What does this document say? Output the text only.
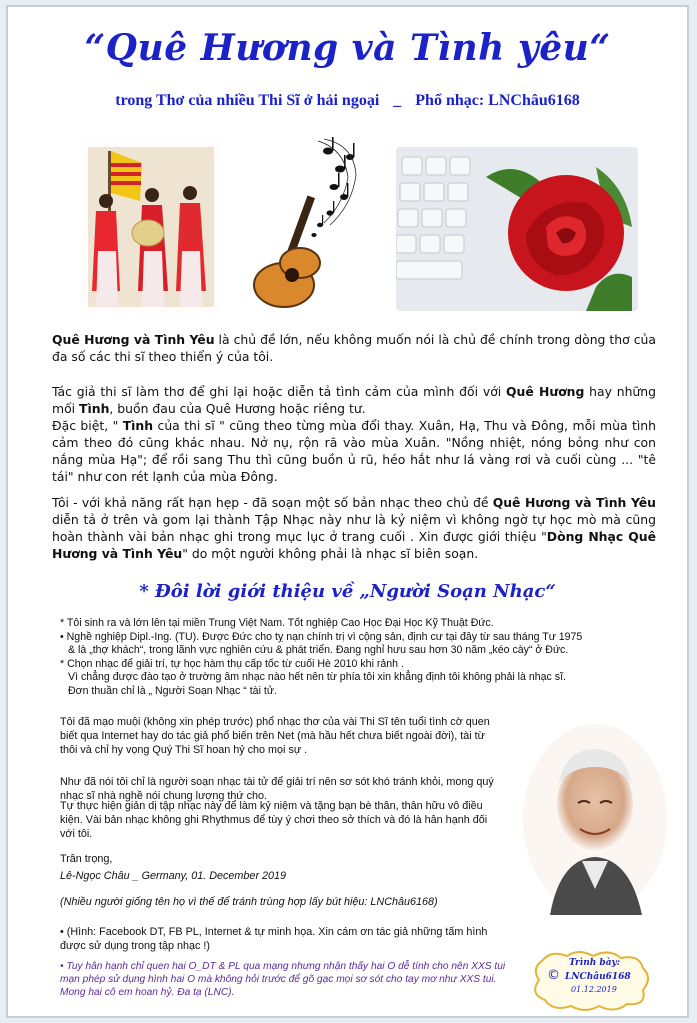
“Quê Hương và Tình yêu“
trong Thơ của nhiều Thi Sĩ ở hải ngoại _ Phổ nhạc: LNChâu6168
Quê Hương và Tình Yêu là chủ đề lớn, nếu không muốn nói là chủ đề chính trong dòng thơ của đa số các thi sĩ theo thiển ý của tôi.
Tác giả thi sĩ làm thơ để ghi lại hoặc diễn tả tình cảm của mình đối với Quê Hương hay những mối Tình, buồn đau của Quê Hương hoặc riêng tư.
Đặc biệt, " Tình của thi sĩ " cũng theo từng mùa đổi thay. Xuân, Hạ, Thu và Đông, mỗi mùa tình cảm theo đó cũng khác nhau. Nở nụ, rộn rã vào mùa Xuân. "Nồng nhiệt, nóng bỏng như con nắng mùa Hạ"; để rồi sang Thu thì cũng buồn ủ rũ, héo hắt như lá vàng rơi và cuối cùng ... "tê tái" như con rét lạnh của mùa Đông.
Tôi - với khả năng rất hạn hẹp - đã soạn một số bản nhạc theo chủ đề Quê Hương và Tình Yêu diễn tả ở trên và gom lại thành Tập Nhạc này như là kỷ niệm vì không ngờ tự học mò mà cũng hoàn thành vài bản nhạc ghi trong mục lục ở trang cuối . Xin được giới thiệu "Dòng Nhạc Quê Hương và Tình Yêu" do một người không phải là nhạc sĩ biên soạn.
* Đôi lời giới thiệu về „Người Soạn Nhạc“
* Tôi sinh ra và lớn lên tại miền Trung Việt Nam. Tốt nghiệp Cao Học Đại Học Kỹ Thuật Đức.
• Nghề nghiệp Dipl.-Ing. (TU). Được Đức cho tỵ nạn chính trị vì cộng sản, định cư tại đây từ sau tháng Tư 1975
& là „thợ khách“, trong lãnh vực nghiên cứu & phát triển. Đang nghỉ hưu sau hơn 30 năm „kéo cày“ ở Đức.
* Chọn nhạc để giải trí, tự học hàm thụ cấp tốc từ cuối Hè 2010 khi rảnh .
Vì chẳng được đào tạo ở trường âm nhạc nào hết nên từ phía tôi xin khẳng định tôi không phải là nhạc sĩ.
Đơn thuần chỉ là „ Người Soạn Nhạc “ tài tử.
Tôi đã mạo muội (không xin phép trước) phổ nhạc thơ của vài Thi Sĩ tên tuổi tình cờ quen biết qua Internet hay do tác giả phổ biến trên Net (mà hầu hết chưa biết ngoài đời), tài từ thôi và chỉ hy vọng Quý Thi Sĩ hoan hỷ cho mọi sự .
Như đã nói tôi chỉ là người soạn nhạc tài tử để giải trí nên sơ sót khó tránh khỏi, mong quý nhạc sĩ nhà nghề nói chung lượng thứ cho.
Tự thực hiện giản dị tập nhạc này để làm kỷ niệm và tặng bạn bè thân, thân hữu vô điều kiện. Vài bản nhạc không ghi Rhythmus để tùy ý chơi theo sở thích và đó là hân hạnh đối với tôi.
Trân trọng,
Lê-Ngọc Châu _ Germany, 01. December 2019
(Nhiều người giống tên họ vì thế để tránh trùng hợp lấy bút hiệu: LNChâu6168)
• (Hình: Facebook DT, FB PL, Internet & tự minh họa. Xin cám ơn tác giả những tấm hình được sử dụng trong tập nhạc !)
• Tuy hân hạnh chỉ quen hai O_DT & PL qua mạng nhưng nhận thấy hai O dễ tính cho nên XXS tui mạn phép sử dụng hình hai O mà không hỏi trước để gõ gạc mọi sơ sót cho tay mơ như XXS tui. Mong hai cô em hoan hỷ. Đa tạ (LNC).
Trình bày:
© LNChâu6168
01.12.2019
